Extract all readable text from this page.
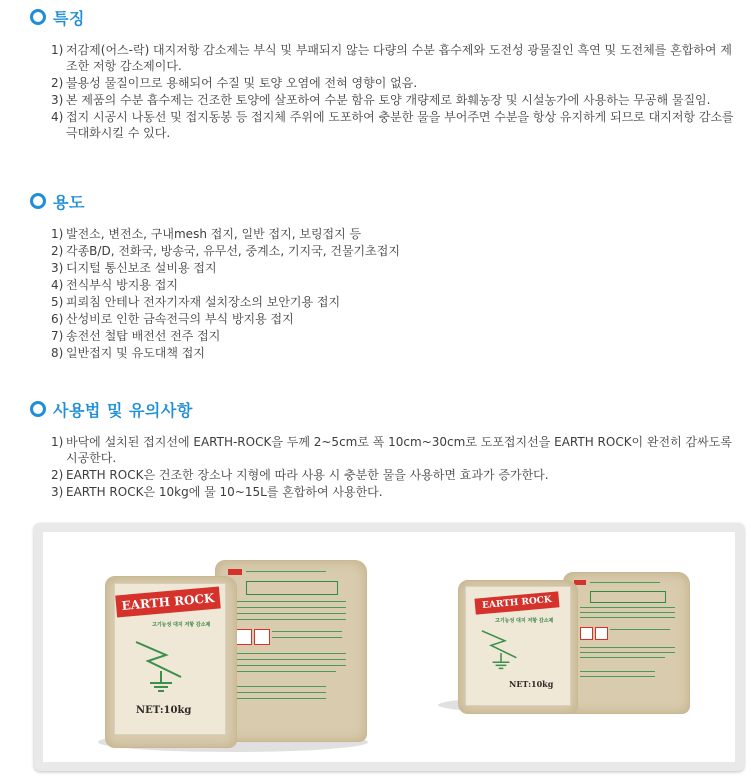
특징
1) 저감제(어스-락) 대지저항 감소제는 부식 및 부패되지 않는 다량의 수분 흡수제와 도전성 광물질인 흑연 및 도전체를 혼합하여 제조한 저항 감소제이다.
2) 불용성 물질이므로 용해되어 수질 및 토양 오염에 전혀 영향이 없음.
3) 본 제품의 수분 흡수제는 건조한 토양에 살포하여 수분 함유 토양 개량제로 화훼농장 및 시설농가에 사용하는 무공해 물질임.
4) 접지 시공시 나동선 및 접지동봉 등 접지체 주위에 도포하여 충분한 물을 부어주면 수분을 항상 유지하게 되므로 대지저항 감소를 극대화시킬 수 있다.
용도
1) 발전소, 변전소, 구내mesh 접지, 일반 접지, 보링접지 등
2) 각종B/D, 전화국, 방송국, 유무선, 중계소, 기지국, 건물기초접지
3) 디지털 통신보조 설비용 접지
4) 전식부식 방지용 접지
5) 피뢰침 안테나 전자기자재 설치장소의 보안기용 접지
6) 산성비로 인한 금속전극의 부식 방지용 접지
7) 송전선 철탑 배전선 전주 접지
8) 일반접지 및 유도대책 접지
사용법 및 유의사항
1) 바닥에 설치된 접지선에 EARTH-ROCK을 두께 2~5cm로 폭 10cm~30cm로 도포접지선을 EARTH ROCK이 완전히 감싸도록 시공한다.
2) EARTH ROCK은 건조한 장소나 지형에 따라 사용 시 충분한 물을 사용하면 효과가 증가한다.
3) EARTH ROCK은 10kg에 물 10~15L를 혼합하여 사용한다.
EARTH ROCK
고기능성 대지 저항 감소제
NET:10kg
EARTH ROCK
고기능성 대지 저항 감소제
NET:10kg
